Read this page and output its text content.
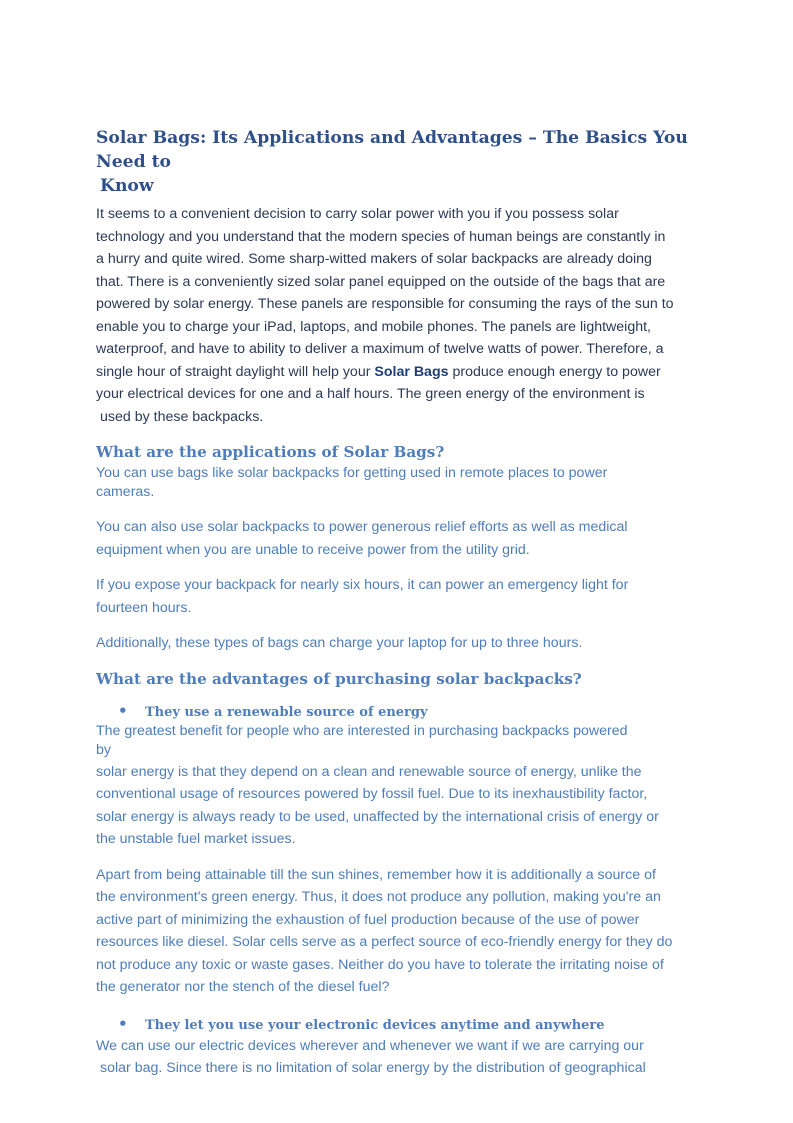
Solar Bags: Its Applications and Advantages – The Basics You Need to
Know

It seems to a convenient decision to carry solar power with you if you possess solar
technology and you understand that the modern species of human beings are constantly in
a hurry and quite wired. Some sharp-witted makers of solar backpacks are already doing
that. There is a conveniently sized solar panel equipped on the outside of the bags that are
powered by solar energy. These panels are responsible for consuming the rays of the sun to
enable you to charge your iPad, laptops, and mobile phones. The panels are lightweight,
waterproof, and have to ability to deliver a maximum of twelve watts of power. Therefore, a
single hour of straight daylight will help your Solar Bags produce enough energy to power
your electrical devices for one and a half hours. The green energy of the environment is
used by these backpacks.

What are the applications of Solar Bags?

You can use bags like solar backpacks for getting used in remote places to power
cameras.

You can also use solar backpacks to power generous relief efforts as well as medical
equipment when you are unable to receive power from the utility grid.

If you expose your backpack for nearly six hours, it can power an emergency light for
fourteen hours.

Additionally, these types of bags can charge your laptop for up to three hours.

What are the advantages of purchasing solar backpacks?
• They use a renewable source of energy

The greatest benefit for people who are interested in purchasing backpacks powered
by

solar energy is that they depend on a clean and renewable source of energy, unlike the
conventional usage of resources powered by fossil fuel. Due to its inexhaustibility factor,
solar energy is always ready to be used, unaffected by the international crisis of energy or
the unstable fuel market issues.

Apart from being attainable till the sun shines, remember how it is additionally a source of
the environment's green energy. Thus, it does not produce any pollution, making you're an
active part of minimizing the exhaustion of fuel production because of the use of power
resources like diesel. Solar cells serve as a perfect source of eco-friendly energy for they do
not produce any toxic or waste gases. Neither do you have to tolerate the irritating noise of
the generator nor the stench of the diesel fuel?

• They let you use your electronic devices anytime and anywhere

We can use our electric devices wherever and whenever we want if we are carrying our
solar bag. Since there is no limitation of solar energy by the distribution of geographical
